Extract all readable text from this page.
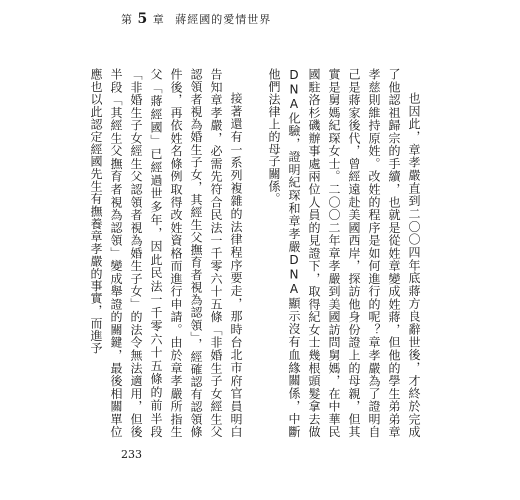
第 5 章 蔣經國的愛情世界

也因此，章孝嚴直到二〇〇四年底蔣方良辭世後，才終於完成了他認祖歸宗的手續，也就是從姓章變成姓蔣，但他的學生弟弟章孝慈則維持原姓。改姓的程序是如何進行的呢？章孝嚴為了證明自己是蔣家後代，曾經遠赴美國西岸，探訪他身份證上的母親，但其實是舅媽紀琛女士。二〇〇二年章孝嚴到美國訪問舅媽，在中華民國駐洛杉磯辦事處兩位人員的見證下，取得紀女士幾根頭髮拿去做DNA化驗，證明紀琛和章孝嚴DNA顯示沒有血緣關係，中斷他們法律上的母子關係。

接著還有一系列複雜的法律程序要走，那時台北市府官員明白告知章孝嚴，必需先符合民法一千零六十五條「非婚生子女經生父認領者視為婚生子女，其經生父撫育者視為認領」，經確認有認領條件後，再依姓名條例取得改姓資格而進行申請。由於章孝嚴所指生父「蔣經國」已經過世多年，因此民法一千零六十五條的前半段「非婚生子女經生父認領者視為婚生子女」的法令無法適用，但後半段「其經生父撫育者視為認領」變成舉證的關鍵，最後相關單位應也以此認定經國先生有撫養章孝嚴的事實，而進予

233
